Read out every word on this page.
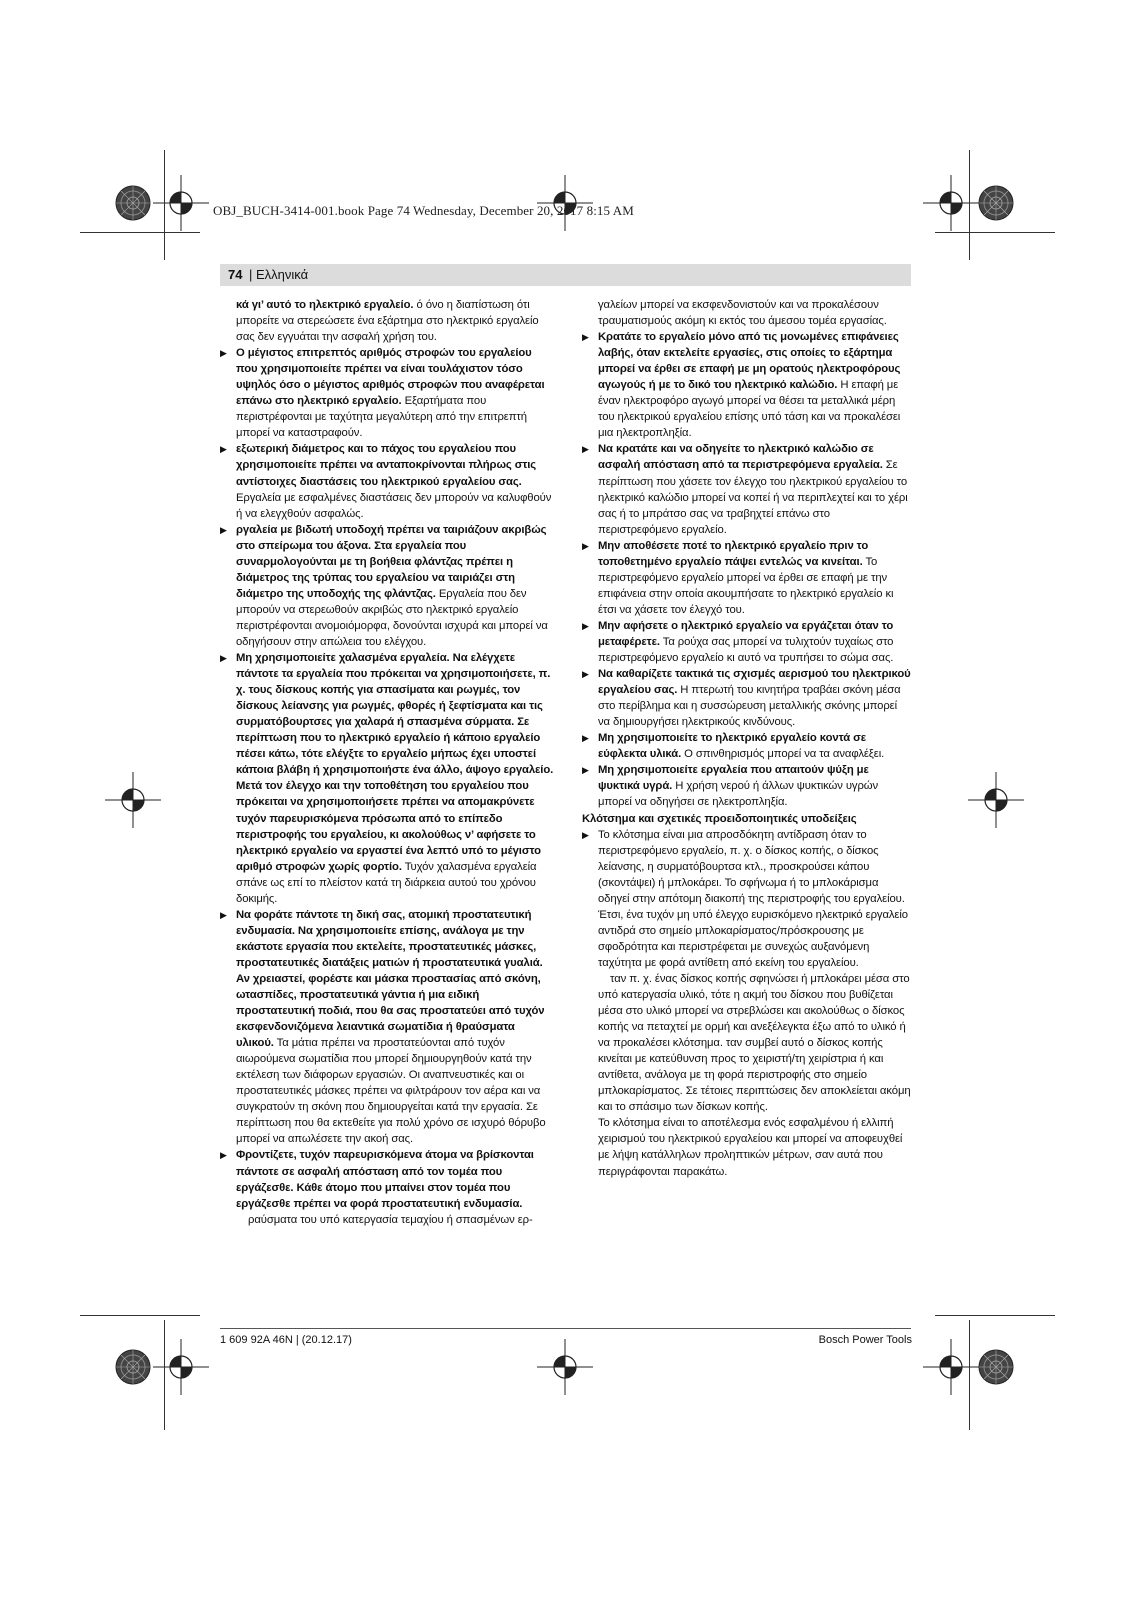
OBJ_BUCH-3414-001.book Page 74 Wednesday, December 20, 2017 8:15 AM
74 | Ελληνικά

κά γι’ αυτό το ηλεκτρικό εργαλείο. ό όνο η διαπίστωση ότι μπορείτε να στερεώσετε ένα εξάρτημα στο ηλεκτρικό εργαλείο σας δεν εγγυάται την ασφαλή χρήση του.

▶ Ο μέγιστος επιτρεπτός αριθμός στροφών του εργαλείου που χρησιμοποιείτε πρέπει να είναι τουλάχιστον τόσο υψηλός όσο ο μέγιστος αριθμός στροφών που αναφέρεται επάνω στο ηλεκτρικό εργαλείο. Εξαρτήματα που περιστρέφονται με ταχύτητα μεγαλύτερη από την επιτρεπτή μπορεί να καταστραφούν.

▶ εξωτερική διάμετρος και το πάχος του εργαλείου που χρησιμοποιείτε πρέπει να ανταποκρίνονται πλήρως στις αντίστοιχες διαστάσεις του ηλεκτρικού εργαλείου σας. Εργαλεία με εσφαλμένες διαστάσεις δεν μπορούν να καλυφθούν ή να ελεγχθούν ασφαλώς.

▶ ργαλεία με βιδωτή υποδοχή πρέπει να ταιριάζουν ακριβώς στο σπείρωμα του άξονα. Στα εργαλεία που συναρμολογούνται με τη βοήθεια φλάντζας πρέπει η διάμετρος της τρύπας του εργαλείου να ταιριάζει στη διάμετρο της υποδοχής της φλάντζας. Εργαλεία που δεν μπορούν να στερεωθούν ακριβώς στο ηλεκτρικό εργαλείο περιστρέφονται ανομοιόμορφα, δονούνται ισχυρά και μπορεί να οδηγήσουν στην απώλεια του ελέγχου.

▶ Μη χρησιμοποιείτε χαλασμένα εργαλεία. Να ελέγχετε πάντοτε τα εργαλεία που πρόκειται να χρησιμοποιήσετε, π. χ. τους δίσκους κοπής για σπασίματα και ρωγμές, τον δίσκους λείανσης για ρωγμές, φθορές ή ξεφτίσματα και τις συρματόβουρτσες για χαλαρά ή σπασμένα σύρματα. Σε περίπτωση που το ηλεκτρικό εργαλείο ή κάποιο εργαλείο πέσει κάτω, τότε ελέγξτε το εργαλείο μήπως έχει υποστεί κάποια βλάβη ή χρησιμοποιήστε ένα άλλο, άψογο εργαλείο. Μετά τον έλεγχο και την τοποθέτηση του εργαλείου που πρόκειται να χρησιμοποιήσετε πρέπει να απομακρύνετε τυχόν παρευρισκόμενα πρόσωπα από το επίπεδο περιστροφής του εργαλείου, κι ακολούθως ν’ αφήσετε το ηλεκτρικό εργαλείο να εργαστεί ένα λεπτό υπό το μέγιστο αριθμό στροφών χωρίς φορτίο. Τυχόν χαλασμένα εργαλεία σπάνε ως επί το πλείστον κατά τη διάρκεια αυτού του χρόνου δοκιμής.

▶ Να φοράτε πάντοτε τη δική σας, ατομική προστατευτική ενδυμασία. Να χρησιμοποιείτε επίσης, ανάλογα με την εκάστοτε εργασία που εκτελείτε, προστατευτικές μάσκες, προστατευτικές διατάξεις ματιών ή προστατευτικά γυαλιά. Αν χρειαστεί, φορέστε και μάσκα προστασίας από σκόνη, ωτασπίδες, προστατευτικά γάντια ή μια ειδική προστατευτική ποδιά, που θα σας προστατεύει από τυχόν εκσφενδονιζόμενα λειαντικά σωματίδια ή θραύσματα υλικού. Τα μάτια πρέπει να προστατεύονται από τυχόν αιωρούμενα σωματίδια που μπορεί δημιουργηθούν κατά την εκτέλεση των διάφορων εργασιών. Οι αναπνευστικές και οι προστατευτικές μάσκες πρέπει να φιλτράρουν τον αέρα και να συγκρατούν τη σκόνη που δημιουργείται κατά την εργασία. Σε περίπτωση που θα εκτεθείτε για πολύ χρόνο σε ισχυρό θόρυβο μπορεί να απωλέσετε την ακοή σας.

▶ Φροντίζετε, τυχόν παρευρισκόμενα άτομα να βρίσκονται πάντοτε σε ασφαλή απόσταση από τον τομέα που εργάζεσθε. Κάθε άτομο που μπαίνει στον τομέα που εργάζεσθε πρέπει να φορά προστατευτική ενδυμασία.

ραύσματα του υπό κατεργασία τεμαχίου ή σπασμένων ερ-

γαλείων μπορεί να εκσφενδονιστούν και να προκαλέσουν τραυματισμούς ακόμη κι εκτός του άμεσου τομέα εργασίας.

▶ Κρατάτε το εργαλείο μόνο από τις μονωμένες επιφάνειες λαβής, όταν εκτελείτε εργασίες, στις οποίες το εξάρτημα μπορεί να έρθει σε επαφή με μη ορατούς ηλεκτροφόρους αγωγούς ή με το δικό του ηλεκτρικό καλώδιο. Η επαφή με έναν ηλεκτροφόρο αγωγό μπορεί να θέσει τα μεταλλικά μέρη του ηλεκτρικού εργαλείου επίσης υπό τάση και να προκαλέσει μια ηλεκτροπληξία.

▶ Να κρατάτε και να οδηγείτε το ηλεκτρικό καλώδιο σε ασφαλή απόσταση από τα περιστρεφόμενα εργαλεία. Σε περίπτωση που χάσετε τον έλεγχο του ηλεκτρικού εργαλείου το ηλεκτρικό καλώδιο μπορεί να κοπεί ή να περιπλεχτεί και το χέρι σας ή το μπράτσο σας να τραβηχτεί επάνω στο περιστρεφόμενο εργαλείο.

▶ Μην αποθέσετε ποτέ το ηλεκτρικό εργαλείο πριν το τοποθετημένο εργαλείο πάψει εντελώς να κινείται. Το περιστρεφόμενο εργαλείο μπορεί να έρθει σε επαφή με την επιφάνεια στην οποία ακουμπήσατε το ηλεκτρικό εργαλείο κι έτσι να χάσετε τον έλεγχό του.

▶ Μην αφήσετε ο ηλεκτρικό εργαλείο να εργάζεται όταν το μεταφέρετε. Τα ρούχα σας μπορεί να τυλιχτούν τυχαίως στο περιστρεφόμενο εργαλείο κι αυτό να τρυπήσει το σώμα σας.

▶ Να καθαρίζετε τακτικά τις σχισμές αερισμού του ηλεκτρικού εργαλείου σας. Η πτερωτή του κινητήρα τραβάει σκόνη μέσα στο περίβλημα και η συσσώρευση μεταλλικής σκόνης μπορεί να δημιουργήσει ηλεκτρικούς κινδύνους.

▶ Μη χρησιμοποιείτε το ηλεκτρικό εργαλείο κοντά σε εύφλεκτα υλικά. Ο σπινθηρισμός μπορεί να τα αναφλέξει.

▶ Μη χρησιμοποιείτε εργαλεία που απαιτούν ψύξη με ψυκτικά υγρά. Η χρήση νερού ή άλλων ψυκτικών υγρών μπορεί να οδηγήσει σε ηλεκτροπληξία.

Κλότσημα και σχετικές προειδοποιητικές υποδείξεις

▶ Το κλότσημα είναι μια απροσδόκητη αντίδραση όταν το περιστρεφόμενο εργαλείο, π. χ. ο δίσκος κοπής, ο δίσκος λείανσης, η συρματόβουρτσα κτλ., προσκρούσει κάπου (σκοντάψει) ή μπλοκάρει. Το σφήνωμα ή το μπλοκάρισμα οδηγεί στην απότομη διακοπή της περιστροφής του εργαλείου. Έτσι, ένα τυχόν μη υπό έλεγχο ευρισκόμενο ηλεκτρικό εργαλείο αντιδρά στο σημείο μπλοκαρίσματος/πρόσκρουσης με σφοδρότητα και περιστρέφεται με συνεχώς αυξανόμενη ταχύτητα με φορά αντίθετη από εκείνη του εργαλείου.

ταν π. χ. ένας δίσκος κοπής σφηνώσει ή μπλοκάρει μέσα στο υπό κατεργασία υλικό, τότε η ακμή του δίσκου που βυθίζεται μέσα στο υλικό μπορεί να στρεβλώσει και ακολούθως ο δίσκος κοπής να πεταχτεί με ορμή και ανεξέλεγκτα έξω από το υλικό ή να προκαλέσει κλότσημα. ταν συμβεί αυτό ο δίσκος κοπής κινείται με κατεύθυνση προς το χειριστή/τη χειρίστρια ή και αντίθετα, ανάλογα με τη φορά περιστροφής στο σημείο μπλοκαρίσματος. Σε τέτοιες περιπτώσεις δεν αποκλείεται ακόμη και το σπάσιμο των δίσκων κοπής.

Το κλότσημα είναι το αποτέλεσμα ενός εσφαλμένου ή ελλιπή χειρισμού του ηλεκτρικού εργαλείου και μπορεί να αποφευχθεί με λήψη κατάλληλων προληπτικών μέτρων, σαν αυτά που περιγράφονται παρακάτω.

1 609 92A 46N | (20.12.17)	Bosch Power Tools
